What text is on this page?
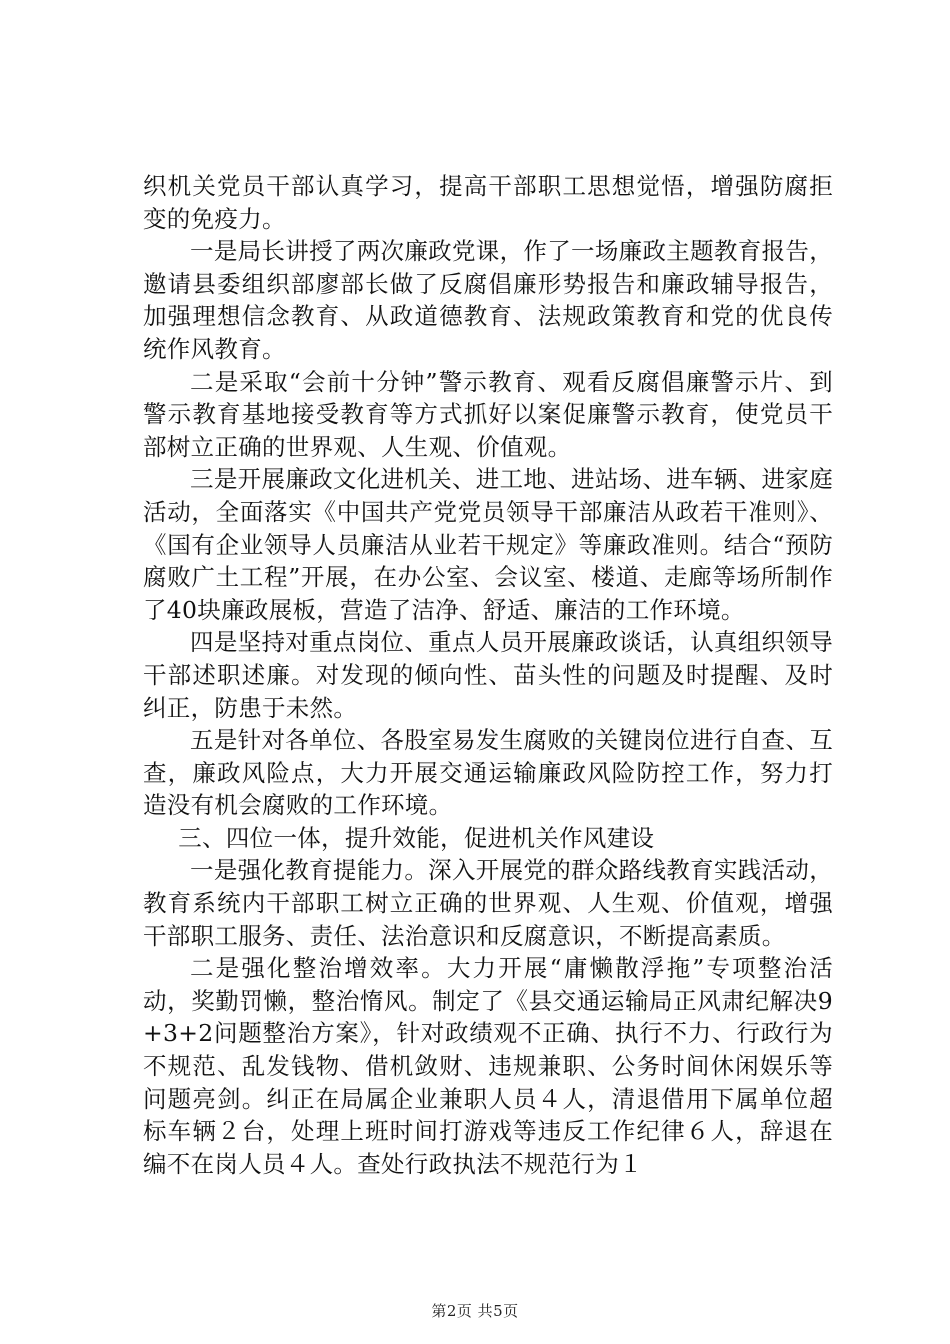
织机关党员干部认真学习，提高干部职工思想觉悟，增强防腐拒变的免疫力。

一是局长讲授了两次廉政党课，作了一场廉政主题教育报告，邀请县委组织部廖部长做了反腐倡廉形势报告和廉政辅导报告，加强理想信念教育、从政道德教育、法规政策教育和党的优良传统作风教育。

二是采取“会前十分钟”警示教育、观看反腐倡廉警示片、到警示教育基地接受教育等方式抓好以案促廉警示教育，使党员干部树立正确的世界观、人生观、价值观。

三是开展廉政文化进机关、进工地、进站场、进车辆、进家庭活动，全面落实《中国共产党党员领导干部廉洁从政若干准则》、《国有企业领导人员廉洁从业若干规定》等廉政准则。结合“预防腐败广土工程”开展，在办公室、会议室、楼道、走廊等场所制作了40块廉政展板，营造了洁净、舒适、廉洁的工作环境。

四是坚持对重点岗位、重点人员开展廉政谈话，认真组织领导干部述职述廉。对发现的倾向性、苗头性的问题及时提醒、及时纠正，防患于未然。

五是针对各单位、各股室易发生腐败的关键岗位进行自查、互查，廉政风险点，大力开展交通运输廉政风险防控工作，努力打造没有机会腐败的工作环境。

三、四位一体，提升效能，促进机关作风建设

一是强化教育提能力。深入开展党的群众路线教育实践活动，教育系统内干部职工树立正确的世界观、人生观、价值观，增强干部职工服务、责任、法治意识和反腐意识，不断提高素质。

二是强化整治增效率。大力开展“庸懒散浮拖”专项整治活动，奖勤罚懒，整治惰风。制定了《县交通运输局正风肃纪解决9+3+2问题整治方案》，针对政绩观不正确、执行不力、行政行为不规范、乱发钱物、借机敛财、违规兼职、公务时间休闲娱乐等问题亮剑。纠正在局属企业兼职人员４人，清退借用下属单位超标车辆２台，处理上班时间打游戏等违反工作纪律６人，辞退在编不在岗人员４人。查处行政执法不规范行为１

第2页 共5页
